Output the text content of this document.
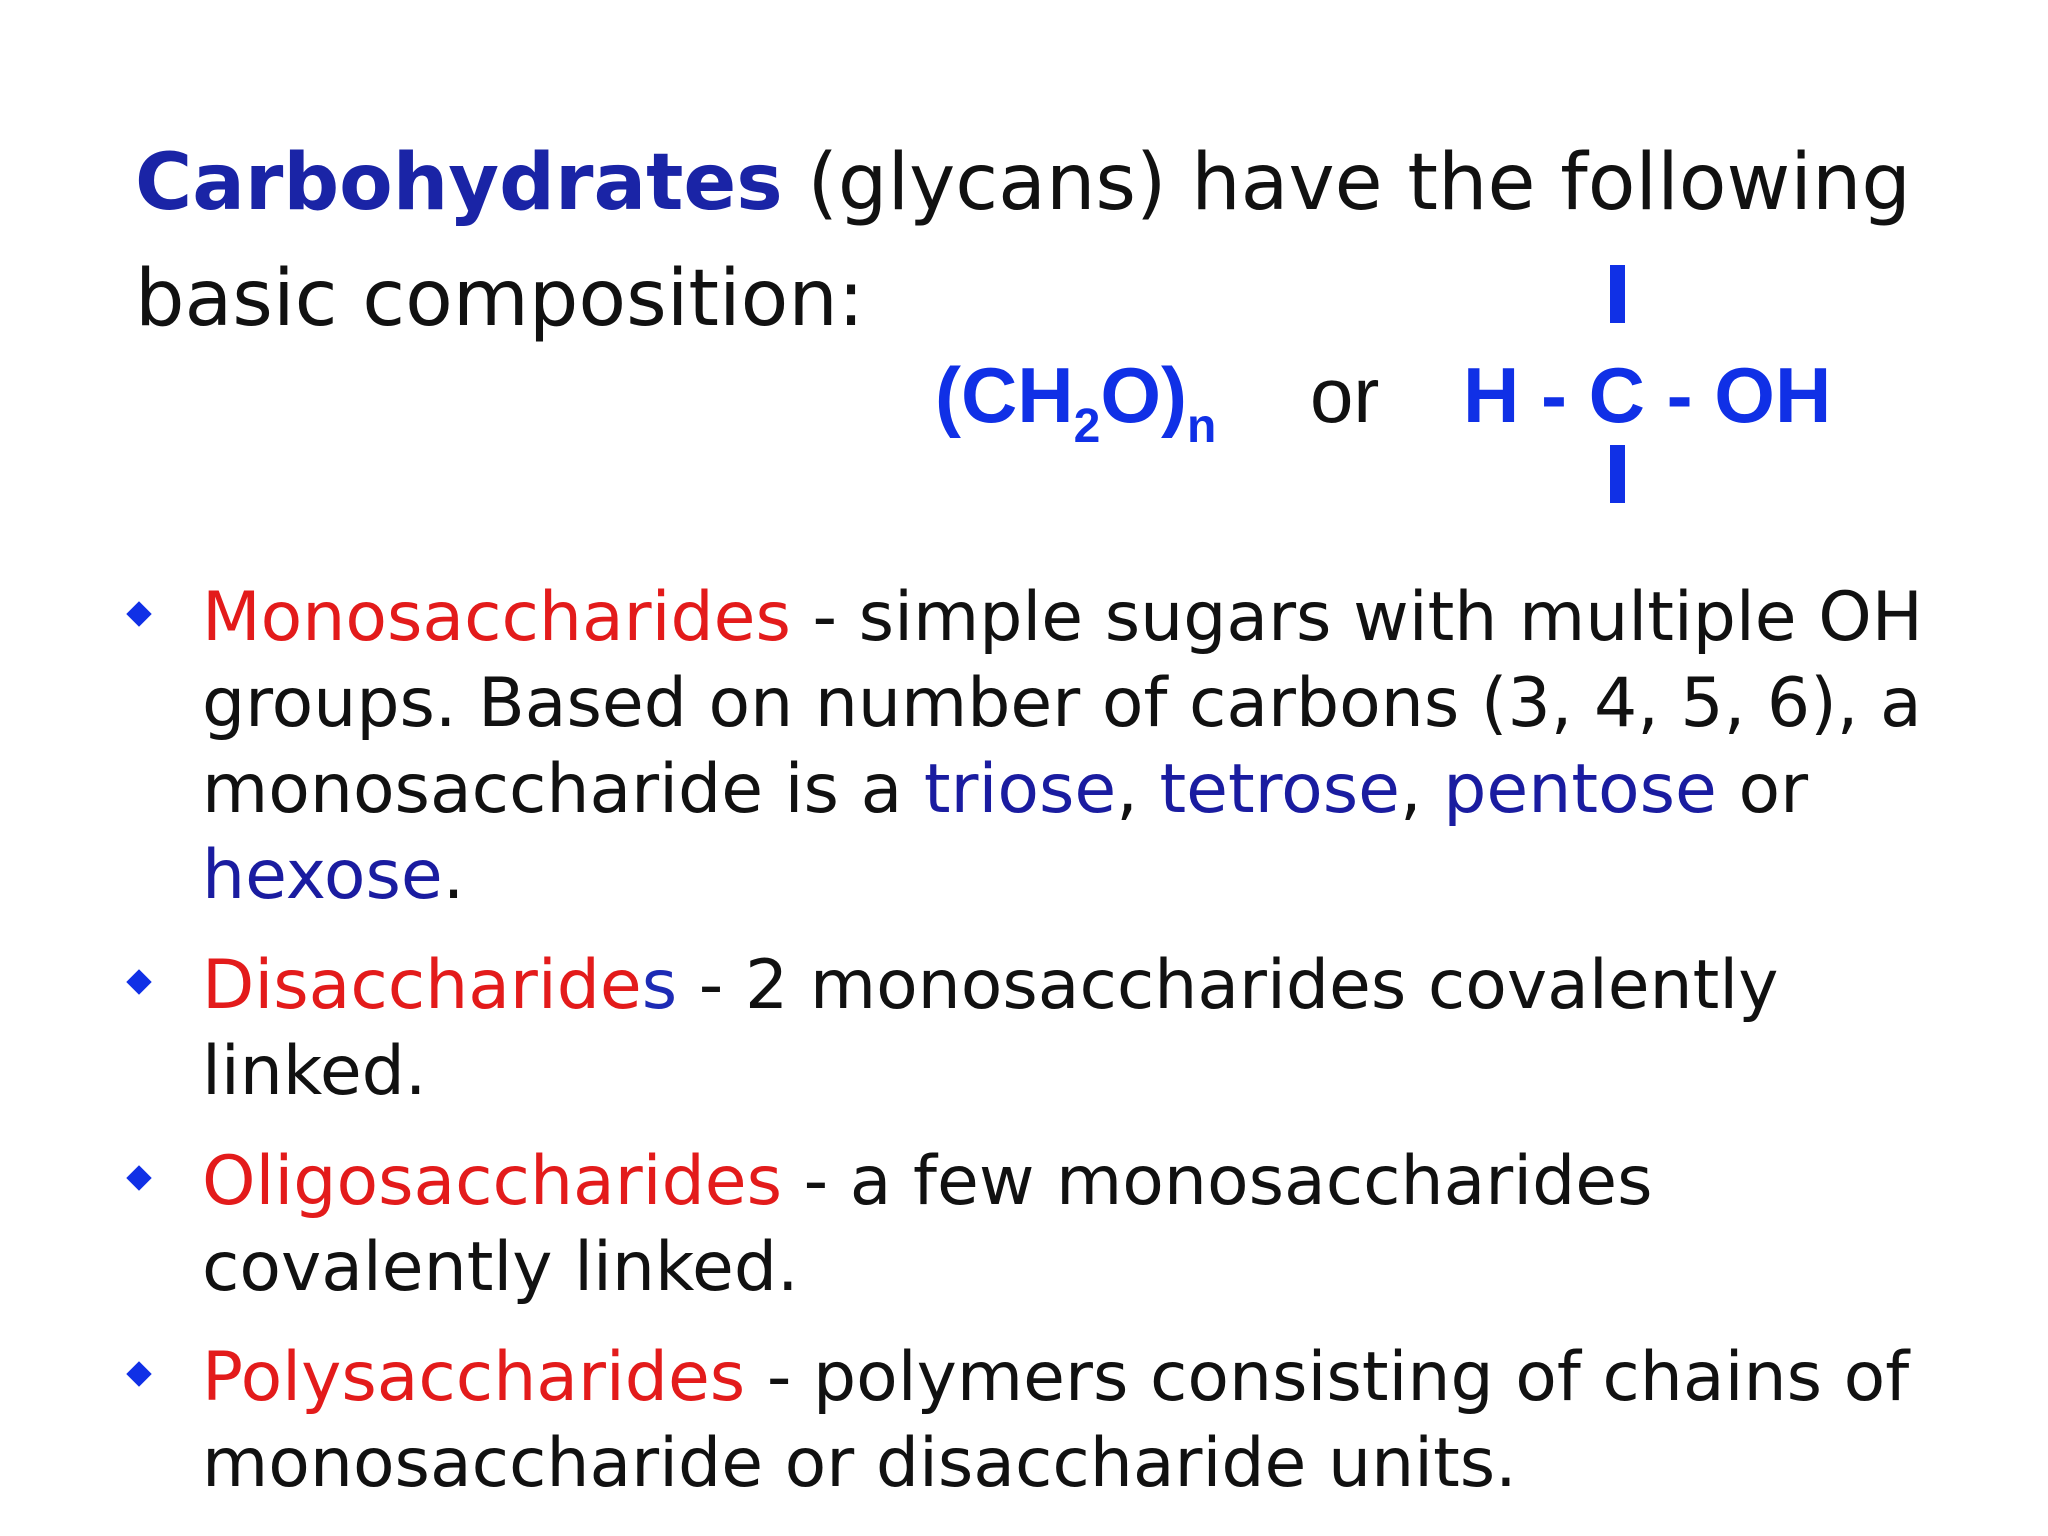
Carbohydrates (glycans) have the following
basic composition:
$(CH_2O)_n$ or H - C - OH
Monosaccharides - simple sugars with multiple OH groups. Based on number of carbons (3, 4, 5, 6), a monosaccharide is a triose, tetrose, pentose or hexose.
Disaccharides - 2 monosaccharides covalently linked.
Oligosaccharides - a few monosaccharides covalently linked.
Polysaccharides - polymers consisting of chains of monosaccharide or disaccharide units.
